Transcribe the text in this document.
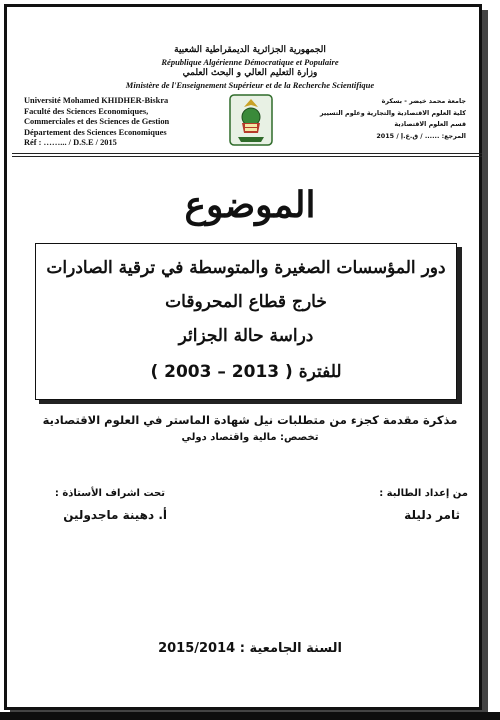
الجمهورية الجزائرية الديمقراطية الشعبية
République Algérienne Démocratique et Populaire
وزارة التعليم العالي و البحث العلمي
Ministère de l'Enseignement Supérieur et de la Recherche Scientifique
Université Mohamed KHIDHER-Biskra
Faculté des Sciences Economiques,
Commerciales et des Sciences de Gestion
Département des Sciences Economiques
Réf : ……... / D.S.E / 2015
جامعة محمد خيضر - بسكرة
كلية العلوم الاقتصادية والتجارية وعلوم التسيير
قسم العلوم الاقتصادية
المرجع: ...... / ق.ع.إ / 2015
الموضوع
دور المؤسسات الصغيرة والمتوسطة في ترقية الصادرات
خارج قطاع المحروقات
دراسة حالة الجزائر
للفترة ( 2003 – 2013 )
مذكرة مقدمة كجزء من متطلبات نيل شهادة الماستر في العلوم الاقتصادية
تخصص: مالية واقتصاد دولي
من إعداد الطالبة :
ثامر دليلة
تحت اشراف الأستاذة :
أ. دهينة ماجدولين
السنة الجامعية : 2015/2014
